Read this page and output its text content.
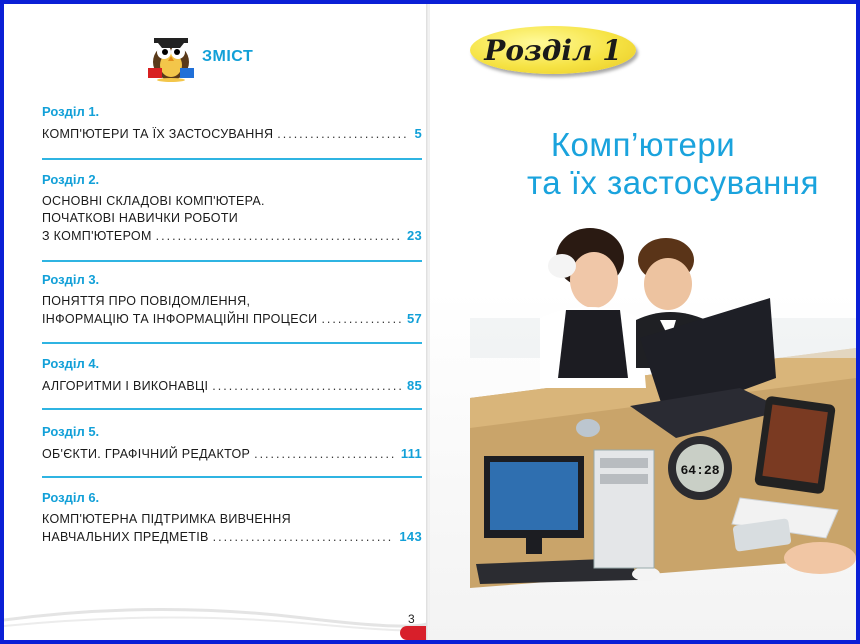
ЗМІСТ
Розділ 1.
КОМП'ЮТЕРИ ТА ЇХ ЗАСТОСУВАННЯ .....	5
Розділ 2.
ОСНОВНІ СКЛАДОВІ КОМП'ЮТЕРА.
ПОЧАТКОВІ НАВИЧКИ РОБОТИ
З КОМП'ЮТЕРОМ .....	23
Розділ 3.
ПОНЯТТЯ ПРО ПОВІДОМЛЕННЯ,
ІНФОРМАЦІЮ ТА ІНФОРМАЦІЙНІ ПРОЦЕСИ .....	57
Розділ 4.
АЛГОРИТМИ І ВИКОНАВЦІ .....	85
Розділ 5.
ОБ'ЄКТИ. ГРАФІЧНИЙ РЕДАКТОР .....	111
Розділ 6.
КОМП'ЮТЕРНА ПІДТРИМКА ВИВЧЕННЯ
НАВЧАЛЬНИХ ПРЕДМЕТІВ .....	143
3
Розділ 1
Комп’ютери
та їх застосування
64:28
